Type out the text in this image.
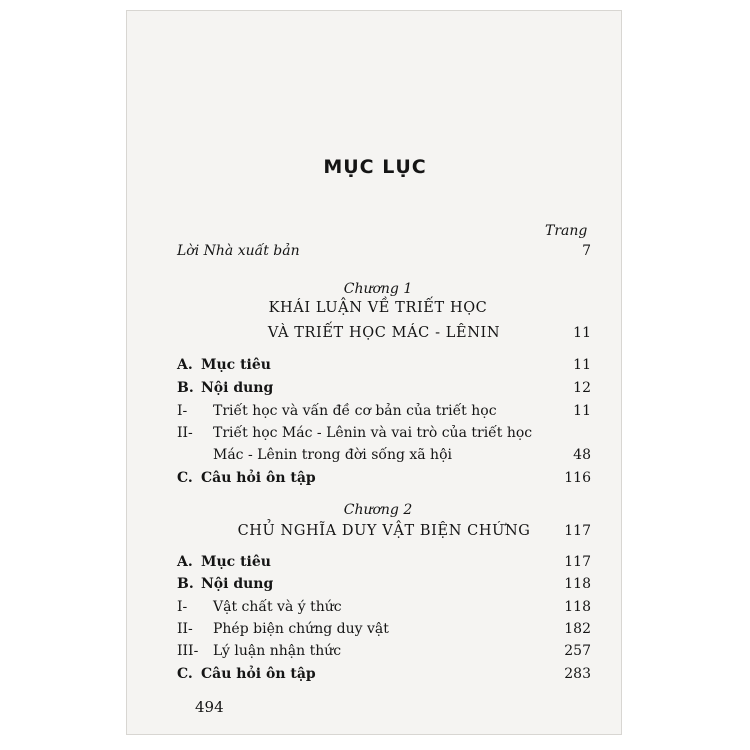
MỤC LỤC
Trang
Lời Nhà xuất bản	7
Chương 1
KHÁI LUẬN VỀ TRIẾT HỌC
VÀ TRIẾT HỌC MÁC - LÊNIN	11
A. Mục tiêu	11
B. Nội dung	12
I- Triết học và vấn đề cơ bản của triết học	11
II- Triết học Mác - Lênin và vai trò của triết học
Mác - Lênin trong đời sống xã hội	48
C. Câu hỏi ôn tập	116
Chương 2
CHỦ NGHĨA DUY VẬT BIỆN CHỨNG	117
A. Mục tiêu	117
B. Nội dung	118
I- Vật chất và ý thức	118
II- Phép biện chứng duy vật	182
III- Lý luận nhận thức	257
C. Câu hỏi ôn tập	283
494
